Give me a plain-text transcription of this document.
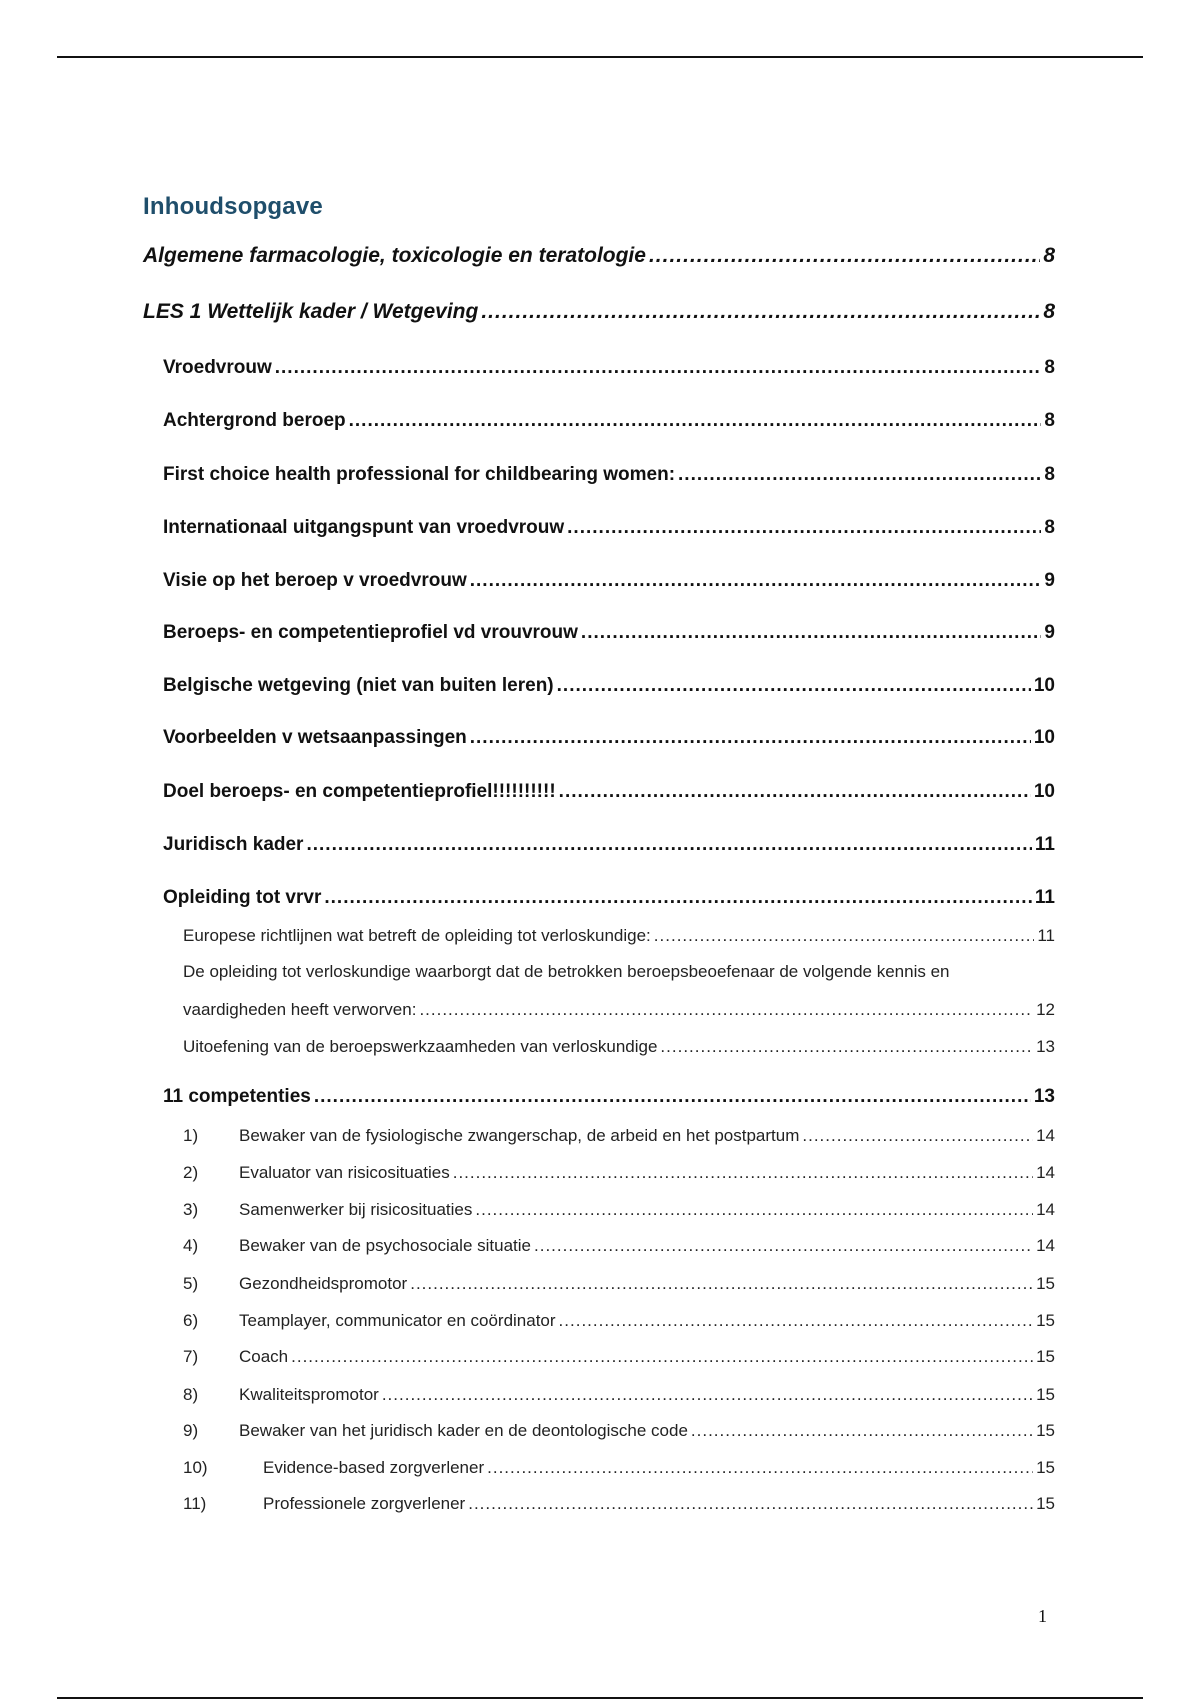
Inhoudsopgave
Algemene farmacologie, toxicologie en teratologie .....	8
LES 1 Wettelijk kader / Wetgeving .....	8
Vroedvrouw .....	8
Achtergrond beroep .....	8
First choice health professional for childbearing women: .....	8
Internationaal uitgangspunt van vroedvrouw .....	8
Visie op het beroep v vroedvrouw .....	9
Beroeps- en competentieprofiel vd vrouvrouw .....	9
Belgische wetgeving (niet van buiten leren) .....	10
Voorbeelden v wetsaanpassingen .....	10
Doel beroeps- en competentieprofiel!!!!!!!!!! .....	10
Juridisch kader .....	11
Opleiding tot vrvr .....	11
Europese richtlijnen wat betreft de opleiding tot verloskundige: .....	11
De opleiding tot verloskundige waarborgt dat de betrokken beroepsbeoefenaar de volgende kennis en
vaardigheden heeft verworven: .....	12
Uitoefening van de beroepswerkzaamheden van verloskundige .....	13
11 competenties .....	13
1)	Bewaker van de fysiologische zwangerschap, de arbeid en het postpartum .....	14
2)	Evaluator van risicosituaties .....	14
3)	Samenwerker bij risicosituaties .....	14
4)	Bewaker van de psychosociale situatie .....	14
5)	Gezondheidspromotor .....	15
6)	Teamplayer, communicator en coördinator .....	15
7)	Coach .....	15
8)	Kwaliteitspromotor .....	15
9)	Bewaker van het juridisch kader en de deontologische code .....	15
10)	Evidence-based zorgverlener .....	15
11)	Professionele zorgverlener .....	15
1
